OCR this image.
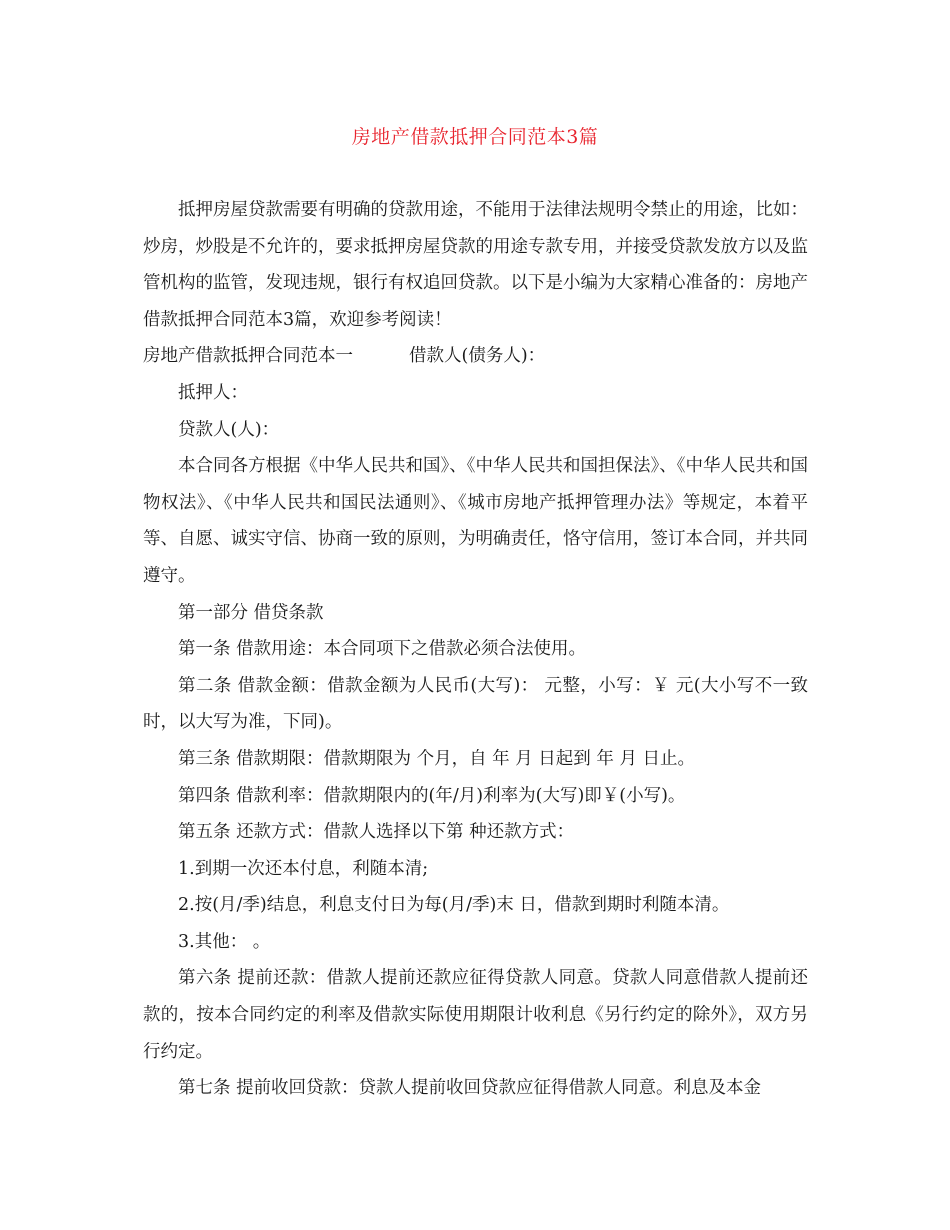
房地产借款抵押合同范本3篇

抵押房屋贷款需要有明确的贷款用途，不能用于法律法规明令禁止的用途，比如：炒房，炒股是不允许的，要求抵押房屋贷款的用途专款专用，并接受贷款发放方以及监管机构的监管，发现违规，银行有权追回贷款。以下是小编为大家精心准备的：房地产借款抵押合同范本3篇，欢迎参考阅读！

房地产借款抵押合同范本一	借款人(债务人)：

抵押人：

贷款人(人)：

本合同各方根据《中华人民共和国》、《中华人民共和国担保法》、《中华人民共和国物权法》、《中华人民共和国民法通则》、《城市房地产抵押管理办法》等规定，本着平等、自愿、诚实守信、协商一致的原则，为明确责任，恪守信用，签订本合同，并共同遵守。

第一部分 借贷条款

第一条 借款用途：本合同项下之借款必须合法使用。

第二条 借款金额：借款金额为人民币(大写)： 元整，小写：￥ 元(大小写不一致时，以大写为准，下同)。

第三条 借款期限：借款期限为 个月，自 年 月 日起到 年 月 日止。

第四条 借款利率：借款期限内的(年/月)利率为(大写)即￥(小写)。

第五条 还款方式：借款人选择以下第 种还款方式：

1.到期一次还本付息，利随本清;

2.按(月/季)结息，利息支付日为每(月/季)末 日，借款到期时利随本清。

3.其他： 。

第六条 提前还款：借款人提前还款应征得贷款人同意。贷款人同意借款人提前还款的，按本合同约定的利率及借款实际使用期限计收利息《另行约定的除外》，双方另行约定。

第七条 提前收回贷款：贷款人提前收回贷款应征得借款人同意。利息及本金
